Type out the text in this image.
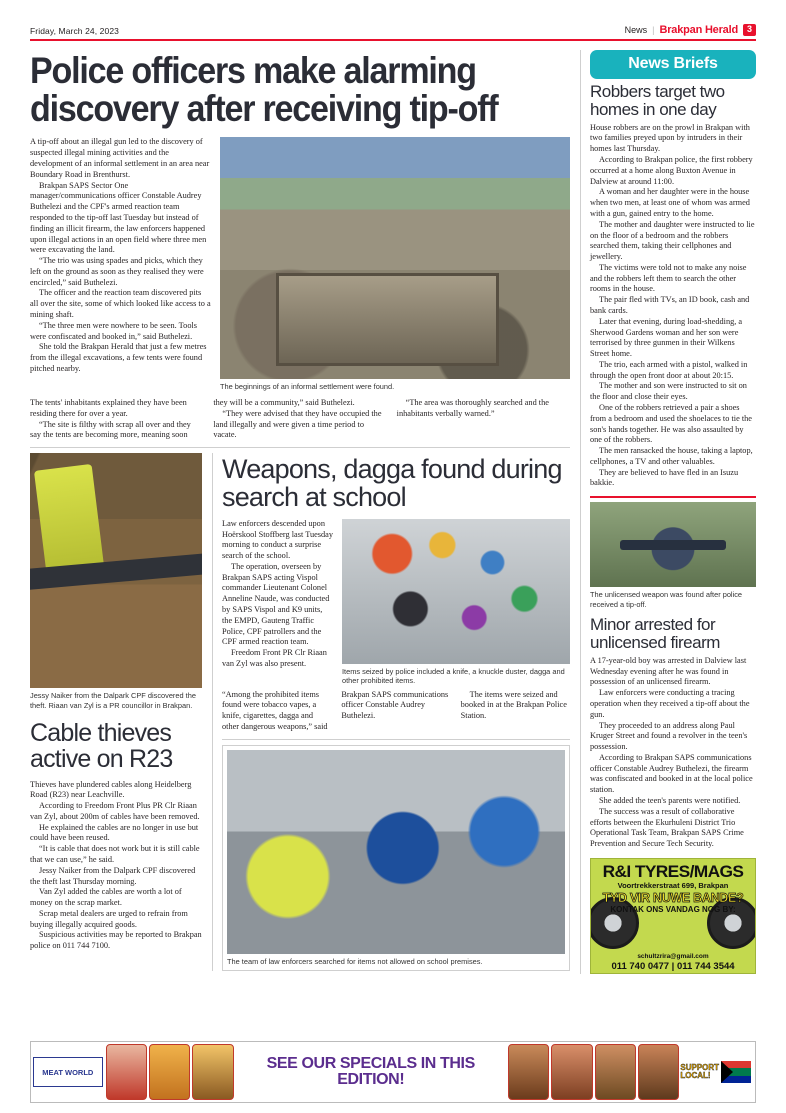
Friday, March 24, 2023	News | Brakpan Herald	3
Police officers make alarming discovery after receiving tip-off

The beginnings of an informal settlement were found.

A tip-off about an illegal gun led to the discovery of suspected illegal mining activities and the development of an informal settlement in an area near Boundary Road in Brenthurst.

Brakpan SAPS Sector One manager/communications officer Constable Audrey Buthelezi and the CPF's armed reaction team responded to the tip-off last Tuesday but instead of finding an illicit firearm, the law enforcers happened upon illegal actions in an open field where three men were excavating the land.

“The trio was using spades and picks, which they left on the ground as soon as they realised they were encircled,” said Buthelezi.

The officer and the reaction team discovered pits all over the site, some of which looked like access to a mining shaft.

“The three men were nowhere to be seen. Tools were confiscated and booked in,” said Buthelezi.

She told the Brakpan Herald that just a few metres from the illegal excavations, a few tents were found pitched nearby.

The tents' inhabitants explained they have been residing there for over a year.

“The site is filthy with scrap all over and they say the tents are becoming more, meaning soon they will be a community,” said Buthelezi.

“They were advised that they have occupied the land illegally and were given a time period to vacate.

“The area was thoroughly searched and the inhabitants verbally warned.”

Jessy Naiker from the Dalpark CPF discovered the theft. Riaan van Zyl is a PR councillor in Brakpan.

Cable thieves active on R23

Thieves have plundered cables along Heidelberg Road (R23) near Leachville.

According to Freedom Front Plus PR Clr Riaan van Zyl, about 200m of cables have been removed.

He explained the cables are no longer in use but could have been reused.

“It is cable that does not work but it is still cable that we can use,” he said.

Jessy Naiker from the Dalpark CPF discovered the theft last Thursday morning.

Van Zyl added the cables are worth a lot of money on the scrap market.

Scrap metal dealers are urged to refrain from buying illegally acquired goods.

Suspicious activities may be reported to Brakpan police on 011 744 7100.

Weapons, dagga found during search at school

Law enforcers descended upon Hoërskool Stoffberg last Tuesday morning to conduct a surprise search of the school.

The operation, overseen by Brakpan SAPS acting Vispol commander Lieutenant Colonel Anneline Naude, was conducted by SAPS Vispol and K9 units, the EMPD, Gauteng Traffic Police, CPF patrollers and the CPF armed reaction team.

Freedom Front PR Clr Riaan van Zyl was also present.

Items seized by police included a knife, a knuckle duster, dagga and other prohibited items.

“Among the prohibited items found were tobacco vapes, a knife, cigarettes, dagga and other dangerous weapons,” said Brakpan SAPS communications officer Constable Audrey Buthelezi.

The items were seized and booked in at the Brakpan Police Station.

The team of law enforcers searched for items not allowed on school premises.

News Briefs
Robbers target two homes in one day

House robbers are on the prowl in Brakpan with two families preyed upon by intruders in their homes last Thursday.

According to Brakpan police, the first robbery occurred at a home along Buxton Avenue in Dalview at around 11:00.

A woman and her daughter were in the house when two men, at least one of whom was armed with a gun, gained entry to the home.

The mother and daughter were instructed to lie on the floor of a bedroom and the robbers searched them, taking their cellphones and jewellery.

The victims were told not to make any noise and the robbers left them to search the other rooms in the house.

The pair fled with TVs, an ID book, cash and bank cards.

Later that evening, during load-shedding, a Sherwood Gardens woman and her son were terrorised by three gunmen in their Wilkens Street home.

The trio, each armed with a pistol, walked in through the open front door at about 20:15.

The mother and son were instructed to sit on the floor and close their eyes.

One of the robbers retrieved a pair a shoes from a bedroom and used the shoelaces to tie the son's hands together. He was also assaulted by one of the robbers.

The men ransacked the house, taking a laptop, cellphones, a TV and other valuables.

They are believed to have fled in an Isuzu bakkie.

The unlicensed weapon was found after police received a tip-off.

Minor arrested for unlicensed firearm

A 17-year-old boy was arrested in Dalview last Wednesday evening after he was found in possession of an unlicensed firearm.

Law enforcers were conducting a tracing operation when they received a tip-off about the gun.

They proceeded to an address along Paul Kruger Street and found a revolver in the teen's possession.

According to Brakpan SAPS communications officer Constable Audrey Buthelezi, the firearm was confiscated and booked in at the local police station.

She added the teen's parents were notified.

The success was a result of collaborative efforts between the Ekurhuleni District Trio Operational Task Team, Brakpan SAPS Crime Prevention and Secure Tech Security.

R&I TYRES/MAGS
Voortrekkerstraat 699, Brakpan
TYD VIR NUWE BANDE?
KONTAK ONS VANDAG NOG BY:
schultzrira@gmail.com
011 740 0477 | 011 744 3544
MEAT WORLD
SEE OUR SPECIALS IN THIS EDITION!
SUPPORT
LOCAL!
